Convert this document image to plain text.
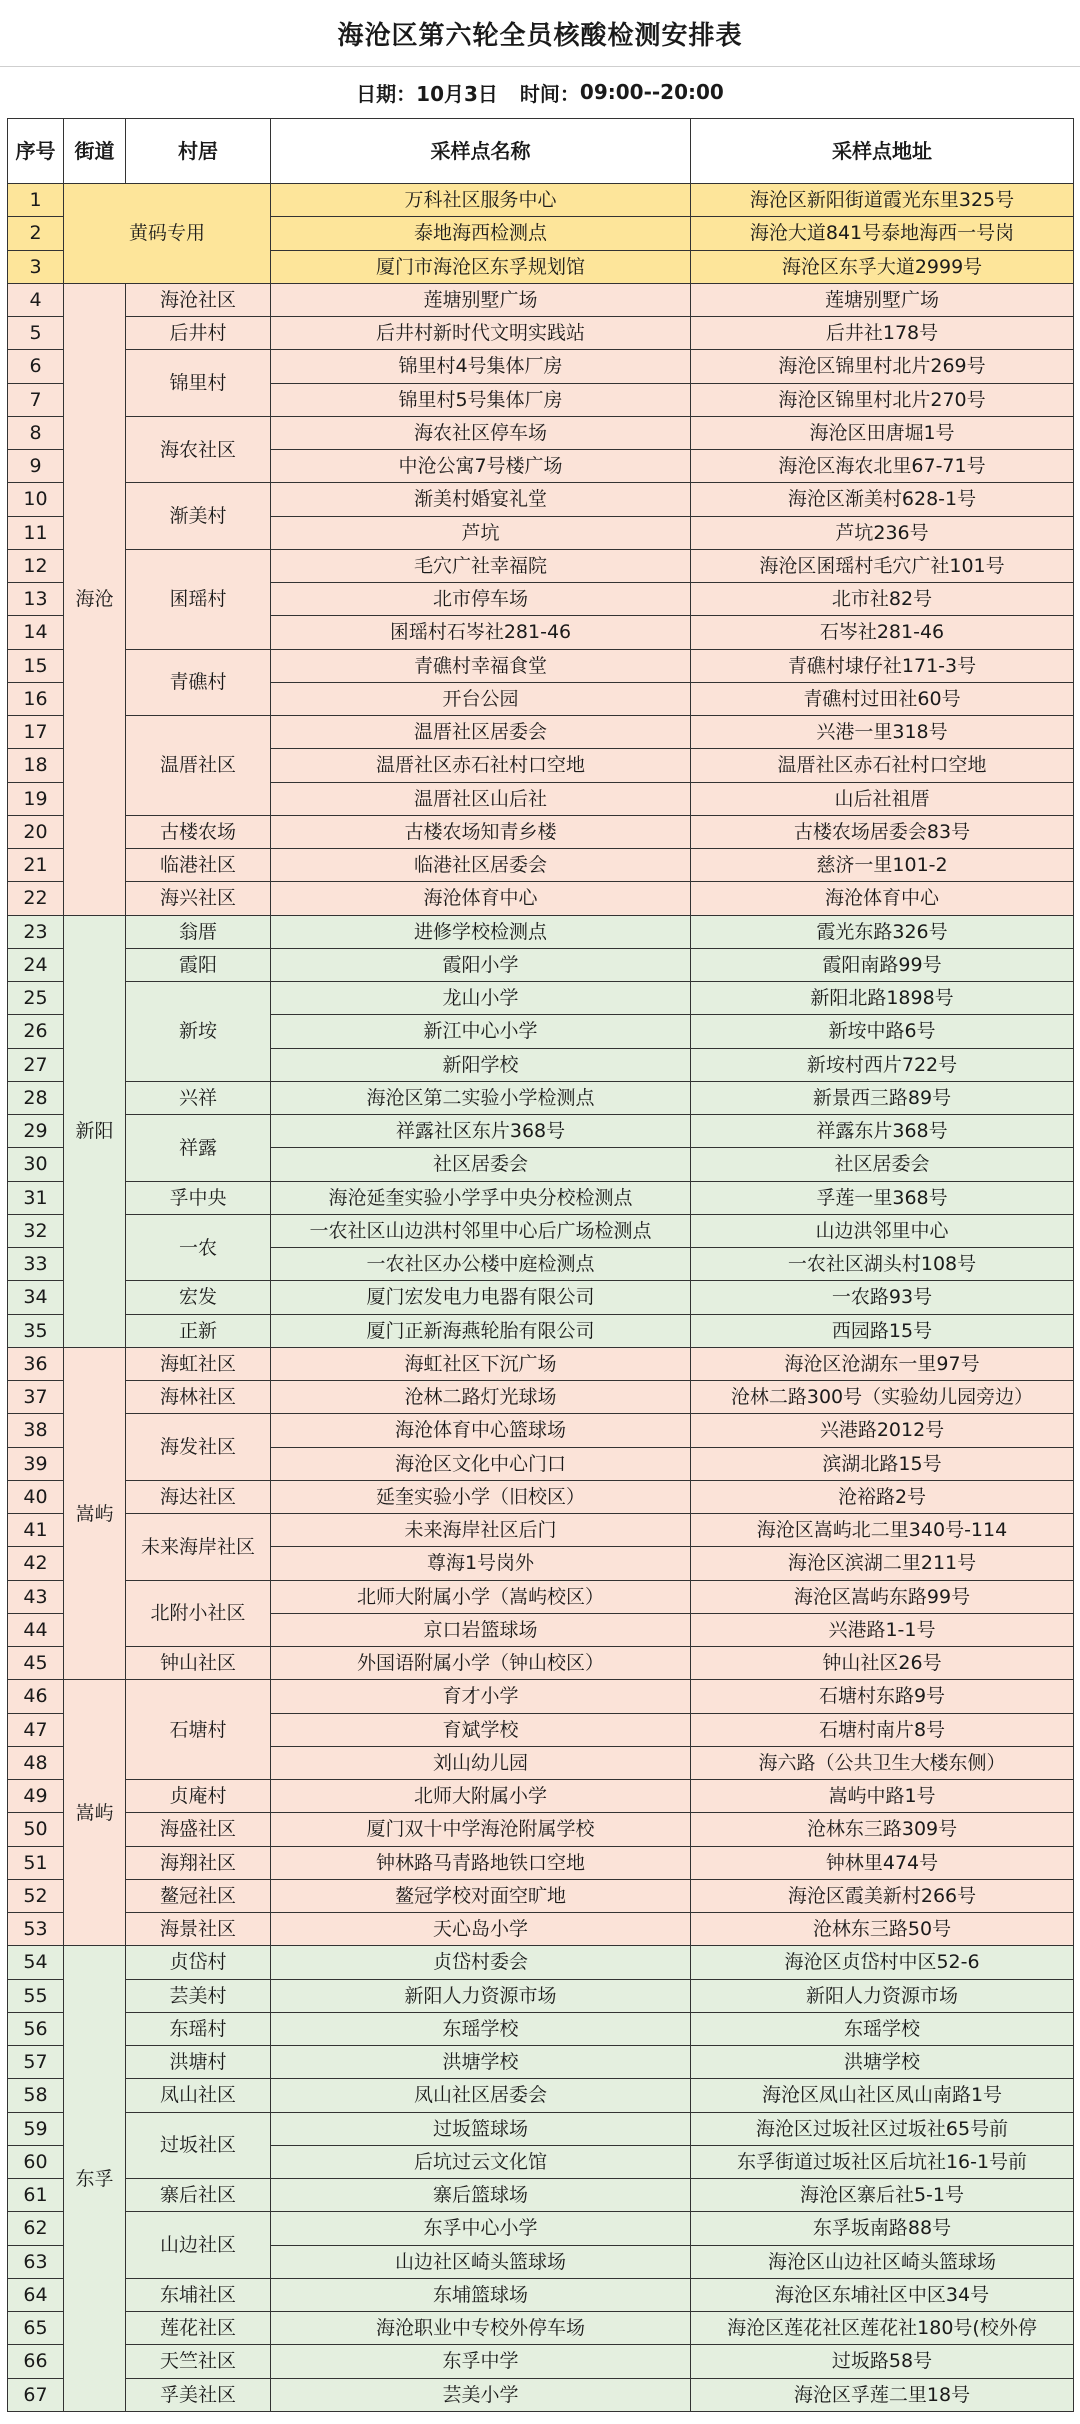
海沧区第六轮全员核酸检测安排表
日期： 10月3日 时间： 09:00--20:00
序号	街道	村居	采样点名称	采样点地址
1	黄码专用		万科社区服务中心	海沧区新阳街道霞光东里325号
2			泰地海西检测点	海沧大道841号泰地海西一号岗
3			厦门市海沧区东孚规划馆	海沧区东孚大道2999号
4	海沧	海沧社区	莲塘别墅广场	莲塘别墅广场
5		后井村	后井村新时代文明实践站	后井社178号
6		锦里村	锦里村4号集体厂房	海沧区锦里村北片269号
7			锦里村5号集体厂房	海沧区锦里村北片270号
8		海农社区	海农社区停车场	海沧区田唐堀1号
9			中沧公寓7号楼广场	海沧区海农北里67-71号
10		渐美村	渐美村婚宴礼堂	海沧区渐美村628-1号
11			芦坑	芦坑236号
12		囷瑶村	毛穴广社幸福院	海沧区囷瑶村毛穴广社101号
13			北市停车场	北市社82号
14			囷瑶村石岑社281-46	石岑社281-46
15		青礁村	青礁村幸福食堂	青礁村埭仔社171-3号
16			开台公园	青礁村过田社60号
17		温厝社区	温厝社区居委会	兴港一里318号
18			温厝社区赤石社村口空地	温厝社区赤石社村口空地
19			温厝社区山后社	山后社祖厝
20		古楼农场	古楼农场知青乡楼	古楼农场居委会83号
21		临港社区	临港社区居委会	慈济一里101-2
22		海兴社区	海沧体育中心	海沧体育中心
23	新阳	翁厝	进修学校检测点	霞光东路326号
24		霞阳	霞阳小学	霞阳南路99号
25		新垵	龙山小学	新阳北路1898号
26			新江中心小学	新垵中路6号
27			新阳学校	新垵村西片722号
28		兴祥	海沧区第二实验小学检测点	新景西三路89号
29		祥露	祥露社区东片368号	祥露东片368号
30			社区居委会	社区居委会
31		孚中央	海沧延奎实验小学孚中央分校检测点	孚莲一里368号
32		一农	一农社区山边洪村邻里中心后广场检测点	山边洪邻里中心
33			一农社区办公楼中庭检测点	一农社区湖头村108号
34		宏发	厦门宏发电力电器有限公司	一农路93号
35		正新	厦门正新海燕轮胎有限公司	西园路15号
36	嵩屿	海虹社区	海虹社区下沉广场	海沧区沧湖东一里97号
37		海林社区	沧林二路灯光球场	沧林二路300号（实验幼儿园旁边）
38		海发社区	海沧体育中心篮球场	兴港路2012号
39			海沧区文化中心门口	滨湖北路15号
40		海达社区	延奎实验小学（旧校区）	沧裕路2号
41		未来海岸社区	未来海岸社区后门	海沧区嵩屿北二里340号-114
42			尊海1号岗外	海沧区滨湖二里211号
43		北附小社区	北师大附属小学（嵩屿校区）	海沧区嵩屿东路99号
44			京口岩篮球场	兴港路1-1号
45		钟山社区	外国语附属小学（钟山校区）	钟山社区26号
46	嵩屿	石塘村	育才小学	石塘村东路9号
47			育斌学校	石塘村南片8号
48			刘山幼儿园	海六路（公共卫生大楼东侧）
49		贞庵村	北师大附属小学	嵩屿中路1号
50		海盛社区	厦门双十中学海沧附属学校	沧林东三路309号
51		海翔社区	钟林路马青路地铁口空地	钟林里474号
52		鳌冠社区	鳌冠学校对面空旷地	海沧区霞美新村266号
53		海景社区	天心岛小学	沧林东三路50号
54	东孚	贞岱村	贞岱村委会	海沧区贞岱村中区52-6
55		芸美村	新阳人力资源市场	新阳人力资源市场
56		东瑶村	东瑶学校	东瑶学校
57		洪塘村	洪塘学校	洪塘学校
58		凤山社区	凤山社区居委会	海沧区凤山社区凤山南路1号
59		过坂社区	过坂篮球场	海沧区过坂社区过坂社65号前
60			后坑过云文化馆	东孚街道过坂社区后坑社16-1号前
61		寨后社区	寨后篮球场	海沧区寨后社5-1号
62		山边社区	东孚中心小学	东孚坂南路88号
63			山边社区崎头篮球场	海沧区山边社区崎头篮球场
64		东埔社区	东埔篮球场	海沧区东埔社区中区34号
65		莲花社区	海沧职业中专校外停车场	海沧区莲花社区莲花社180号(校外停
66		天竺社区	东孚中学	过坂路58号
67		孚美社区	芸美小学	海沧区孚莲二里18号
